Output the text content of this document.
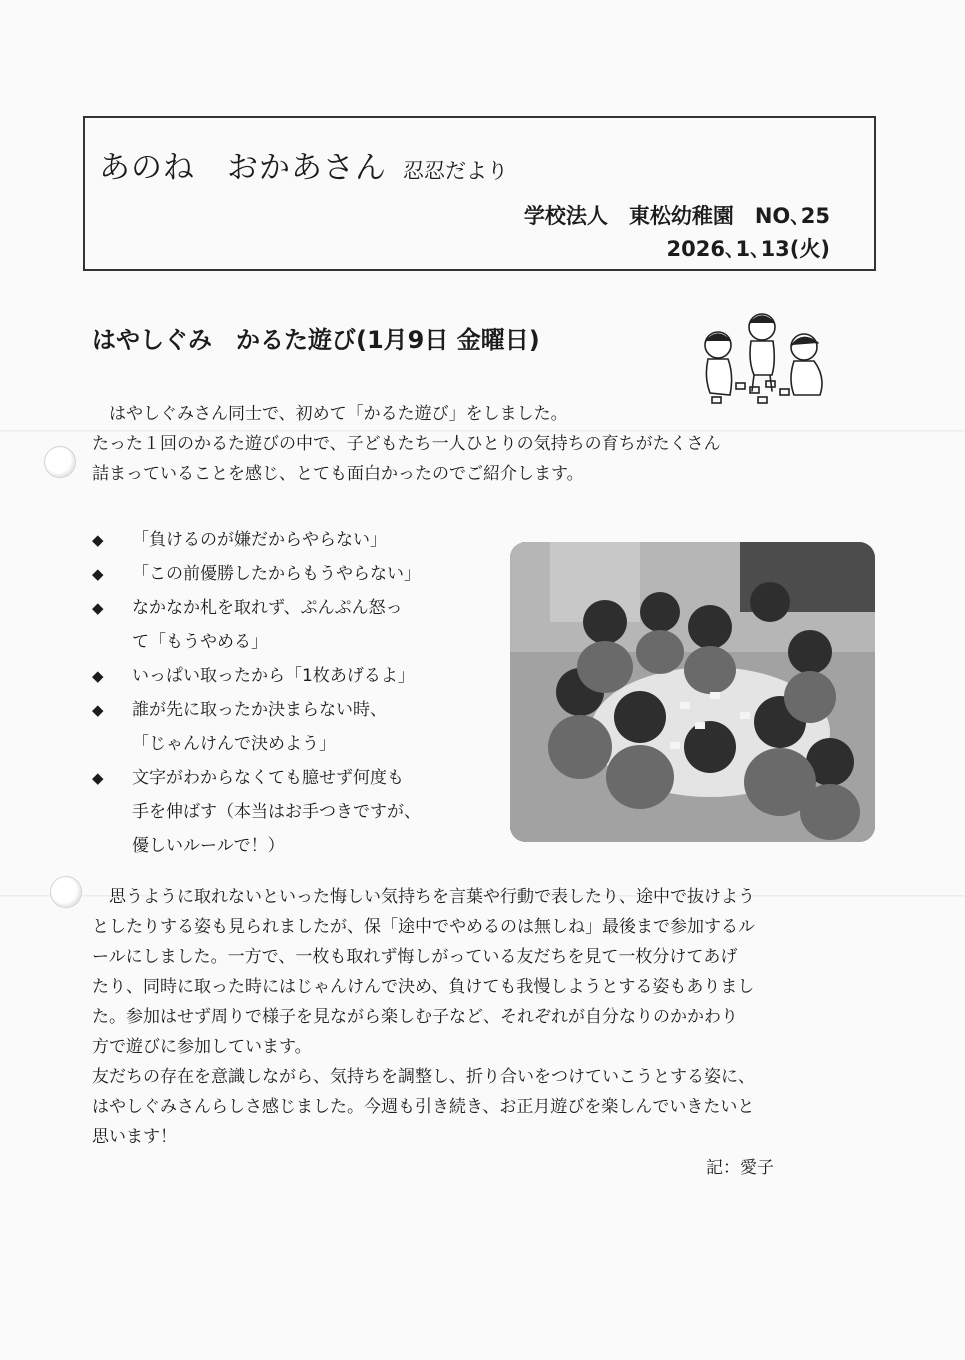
あのね　おかあさん 忍忍だより
学校法人　東松幼稚園　NO､25
2026､1､13(火)
はやしぐみ　かるた遊び(1月9日 金曜日)
　はやしぐみさん同士で、初めて「かるた遊び」をしました。
たった１回のかるた遊びの中で、子どもたち一人ひとりの気持ちの育ちがたくさん
詰まっていることを感じ、とても面白かったのでご紹介します。
◆	「負けるのが嫌だからやらない」
◆	「この前優勝したからもうやらない」
◆	なかなか札を取れず、ぷんぷん怒っ
て「もうやめる」
◆	いっぱい取ったから「1枚あげるよ」
◆	誰が先に取ったか決まらない時、
「じゃんけんで決めよう」
◆	文字がわからなくても臆せず何度も
手を伸ばす（本当はお手つきですが、
優しいルールで！）

思うように取れないといった悔しい気持ちを言葉や行動で表したり、途中で抜けよう

としたりする姿も見られましたが、保「途中でやめるのは無しね」最後まで参加するル

ールにしました。一方で、一枚も取れず悔しがっている友だちを見て一枚分けてあげ

たり、同時に取った時にはじゃんけんで決め、負けても我慢しようとする姿もありまし

た。参加はせず周りで様子を見ながら楽しむ子など、それぞれが自分なりのかかわり

方で遊びに参加しています。

友だちの存在を意識しながら、気持ちを調整し、折り合いをつけていこうとする姿に、

はやしぐみさんらしさ感じました。今週も引き続き、お正月遊びを楽しんでいきたいと

思います！

記：愛子
